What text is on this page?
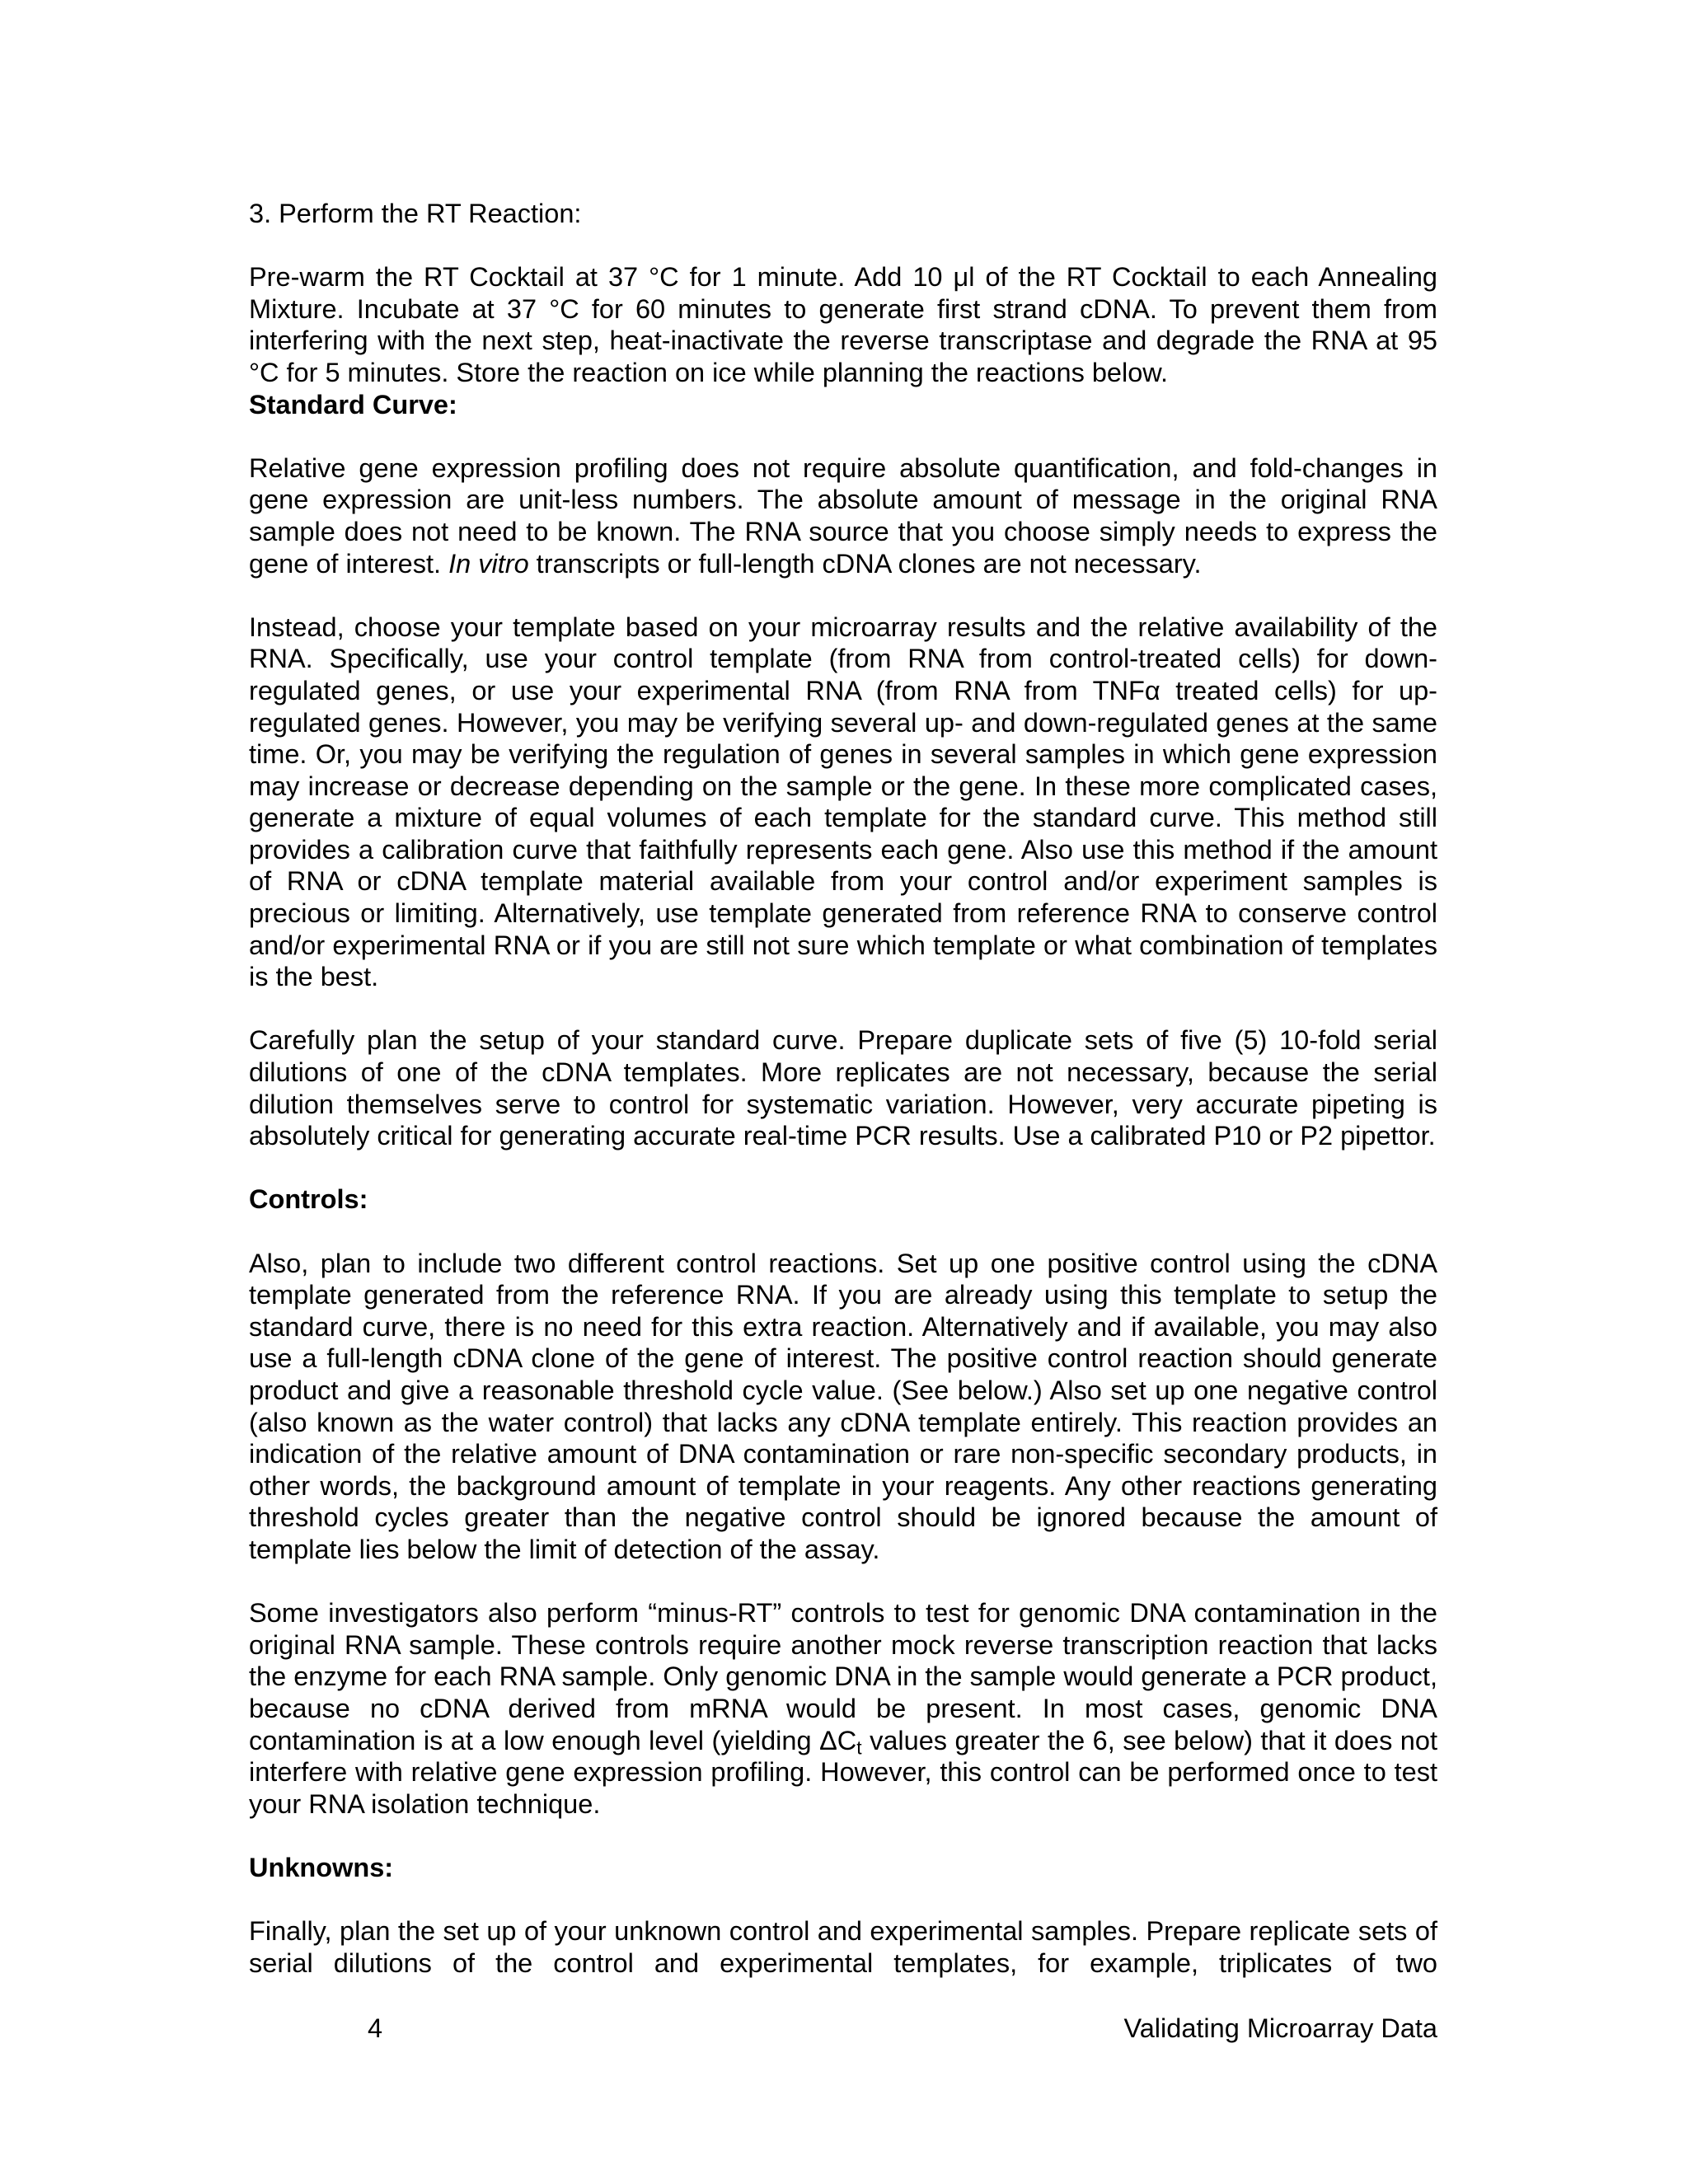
3. Perform the RT Reaction:

Pre-warm the RT Cocktail at 37 °C for 1 minute. Add 10 μl of the RT Cocktail to each Annealing Mixture. Incubate at 37 °C for 60 minutes to generate first strand cDNA. To prevent them from interfering with the next step, heat-inactivate the reverse transcriptase and degrade the RNA at 95 °C for 5 minutes. Store the reaction on ice while planning the reactions below.

Standard Curve:

Relative gene expression profiling does not require absolute quantification, and fold-changes in gene expression are unit-less numbers. The absolute amount of message in the original RNA sample does not need to be known. The RNA source that you choose simply needs to express the gene of interest. In vitro transcripts or full-length cDNA clones are not necessary.

Instead, choose your template based on your microarray results and the relative availability of the RNA. Specifically, use your control template (from RNA from control-treated cells) for down-regulated genes, or use your experimental RNA (from RNA from TNFα treated cells) for up-regulated genes. However, you may be verifying several up- and down-regulated genes at the same time. Or, you may be verifying the regulation of genes in several samples in which gene expression may increase or decrease depending on the sample or the gene. In these more complicated cases, generate a mixture of equal volumes of each template for the standard curve. This method still provides a calibration curve that faithfully represents each gene. Also use this method if the amount of RNA or cDNA template material available from your control and/or experiment samples is precious or limiting. Alternatively, use template generated from reference RNA to conserve control and/or experimental RNA or if you are still not sure which template or what combination of templates is the best.

Carefully plan the setup of your standard curve. Prepare duplicate sets of five (5) 10-fold serial dilutions of one of the cDNA templates. More replicates are not necessary, because the serial dilution themselves serve to control for systematic variation. However, very accurate pipeting is absolutely critical for generating accurate real-time PCR results. Use a calibrated P10 or P2 pipettor.

Controls:

Also, plan to include two different control reactions. Set up one positive control using the cDNA template generated from the reference RNA. If you are already using this template to setup the standard curve, there is no need for this extra reaction. Alternatively and if available, you may also use a full-length cDNA clone of the gene of interest. The positive control reaction should generate product and give a reasonable threshold cycle value. (See below.) Also set up one negative control (also known as the water control) that lacks any cDNA template entirely. This reaction provides an indication of the relative amount of DNA contamination or rare non-specific secondary products, in other words, the background amount of template in your reagents. Any other reactions generating threshold cycles greater than the negative control should be ignored because the amount of template lies below the limit of detection of the assay.

Some investigators also perform “minus-RT” controls to test for genomic DNA contamination in the original RNA sample. These controls require another mock reverse transcription reaction that lacks the enzyme for each RNA sample. Only genomic DNA in the sample would generate a PCR product, because no cDNA derived from mRNA would be present. In most cases, genomic DNA contamination is at a low enough level (yielding $\Delta C_t$ values greater the 6, see below) that it does not interfere with relative gene expression profiling. However, this control can be performed once to test your RNA isolation technique.

Unknowns:

Finally, plan the set up of your unknown control and experimental samples. Prepare replicate sets of serial dilutions of the control and experimental templates, for example, triplicates of two

4	Validating Microarray Data
